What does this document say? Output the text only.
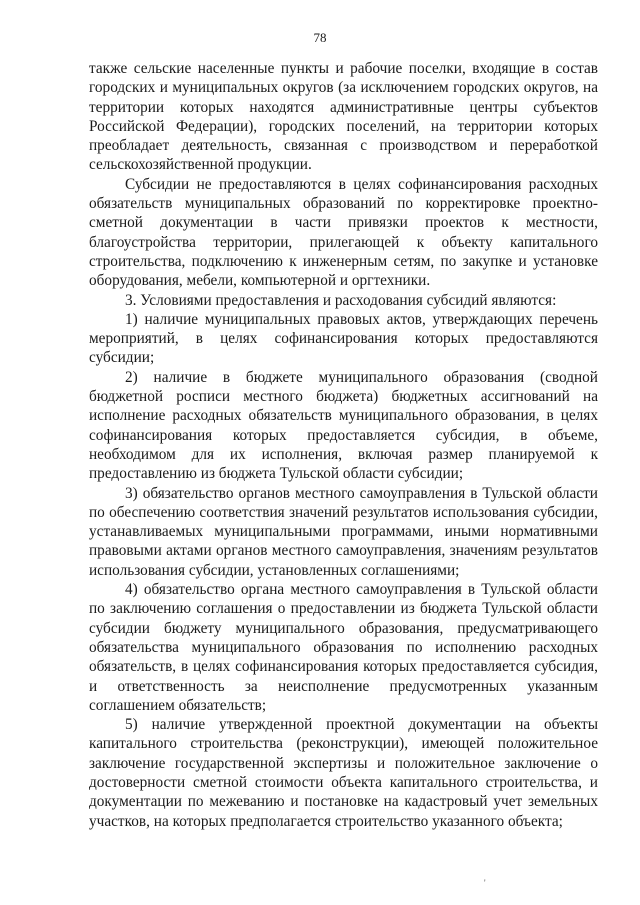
78
также сельские населенные пункты и рабочие поселки, входящие в состав
городских и муниципальных округов (за исключением городских округов, на
территории которых находятся административные центры субъектов
Российской Федерации), городских поселений, на территории которых
преобладает деятельность, связанная с производством и переработкой
сельскохозяйственной продукции.
Субсидии не предоставляются в целях софинансирования расходных
обязательств муниципальных образований по корректировке проектно-
сметной документации в части привязки проектов к местности,
благоустройства территории, прилегающей к объекту капитального
строительства, подключению к инженерным сетям, по закупке и установке
оборудования, мебели, компьютерной и оргтехники.
3. Условиями предоставления и расходования субсидий являются:
1) наличие муниципальных правовых актов, утверждающих перечень
мероприятий, в целях софинансирования которых предоставляются
субсидии;
2) наличие в бюджете муниципального образования (сводной
бюджетной росписи местного бюджета) бюджетных ассигнований на
исполнение расходных обязательств муниципального образования, в целях
софинансирования которых предоставляется субсидия, в объеме,
необходимом для их исполнения, включая размер планируемой к
предоставлению из бюджета Тульской области субсидии;
3) обязательство органов местного самоуправления в Тульской области
по обеспечению соответствия значений результатов использования субсидии,
устанавливаемых муниципальными программами, иными нормативными
правовыми актами органов местного самоуправления, значениям результатов
использования субсидии, установленных соглашениями;
4) обязательство органа местного самоуправления в Тульской области
по заключению соглашения о предоставлении из бюджета Тульской области
субсидии бюджету муниципального образования, предусматривающего
обязательства муниципального образования по исполнению расходных
обязательств, в целях софинансирования которых предоставляется субсидия,
и ответственность за неисполнение предусмотренных указанным
соглашением обязательств;
5) наличие утвержденной проектной документации на объекты
капитального строительства (реконструкции), имеющей положительное
заключение государственной экспертизы и положительное заключение о
достоверности сметной стоимости объекта капитального строительства, и
документации по межеванию и постановке на кадастровый учет земельных
участков, на которых предполагается строительство указанного объекта;
'
